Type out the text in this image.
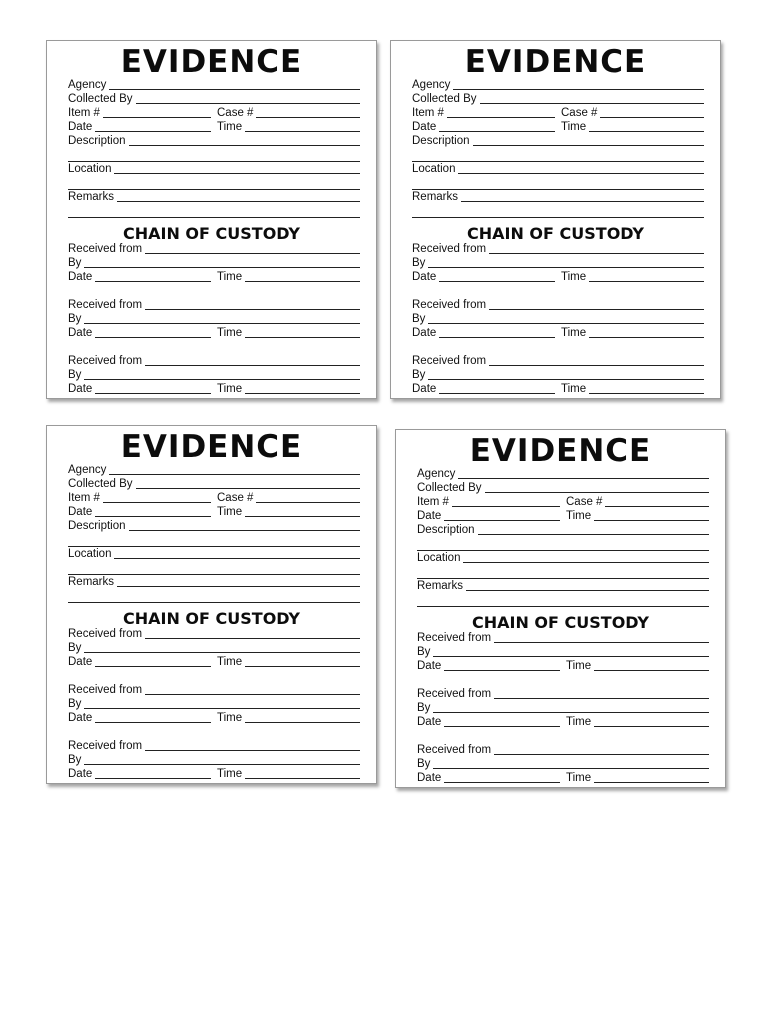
EVIDENCE
Agency
Collected By
Item #	Case #
Date	Time
Description
Location
Remarks
CHAIN OF CUSTODY
Received from
By
Date	Time
Received from
By
Date	Time
Received from
By
Date	Time
EVIDENCE
Agency
Collected By
Item #	Case #
Date	Time
Description
Location
Remarks
CHAIN OF CUSTODY
Received from
By
Date	Time
Received from
By
Date	Time
Received from
By
Date	Time
EVIDENCE
Agency
Collected By
Item #	Case #
Date	Time
Description
Location
Remarks
CHAIN OF CUSTODY
Received from
By
Date	Time
Received from
By
Date	Time
Received from
By
Date	Time
EVIDENCE
Agency
Collected By
Item #	Case #
Date	Time
Description
Location
Remarks
CHAIN OF CUSTODY
Received from
By
Date	Time
Received from
By
Date	Time
Received from
By
Date	Time
